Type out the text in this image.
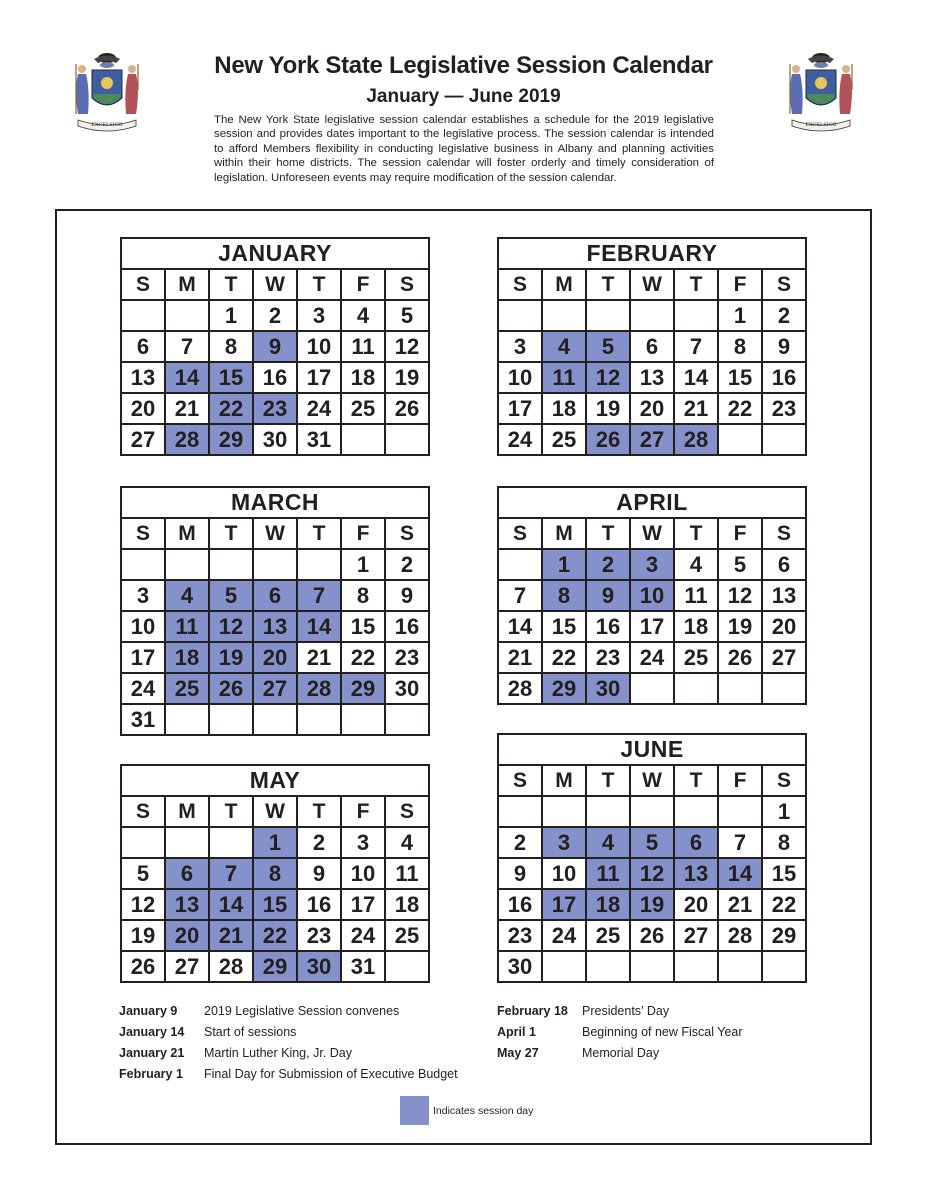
EXCELSIOR	EXCELSIOR
New York State Legislative Session Calendar
January — June 2019

The New York State legislative session calendar establishes a schedule for the 2019 legislative session and provides dates important to the legislative process. The session calendar is intended to afford Members flexibility in conducting legislative business in Albany and planning activities within their home districts. The session calendar will foster orderly and timely consideration of legislation. Unforeseen events may require modification of the session calendar.

JANUARY						
S	M	T	W	T	F	S
		1	2	3	4	5
6	7	8	9	10	11	12
13	14	15	16	17	18	19
20	21	22	23	24	25	26
27	28	29	30	31		
FEBRUARY						
S	M	T	W	T	F	S
					1	2
3	4	5	6	7	8	9
10	11	12	13	14	15	16
17	18	19	20	21	22	23
24	25	26	27	28		
MARCH						
S	M	T	W	T	F	S
					1	2
3	4	5	6	7	8	9
10	11	12	13	14	15	16
17	18	19	20	21	22	23
24	25	26	27	28	29	30
31						
APRIL						
S	M	T	W	T	F	S
	1	2	3	4	5	6
7	8	9	10	11	12	13
14	15	16	17	18	19	20
21	22	23	24	25	26	27
28	29	30				
MAY						
S	M	T	W	T	F	S
			1	2	3	4
5	6	7	8	9	10	11
12	13	14	15	16	17	18
19	20	21	22	23	24	25
26	27	28	29	30	31	
JUNE						
S	M	T	W	T	F	S
						1
2	3	4	5	6	7	8
9	10	11	12	13	14	15
16	17	18	19	20	21	22
23	24	25	26	27	28	29
30						
January 9	2019 Legislative Session convenes
January 14	Start of sessions
January 21	Martin Luther King, Jr. Day
February 1	Final Day for Submission of Executive Budget
February 18	Presidents’ Day
April 1	Beginning of new Fiscal Year
May 27	Memorial Day
Indicates session day
